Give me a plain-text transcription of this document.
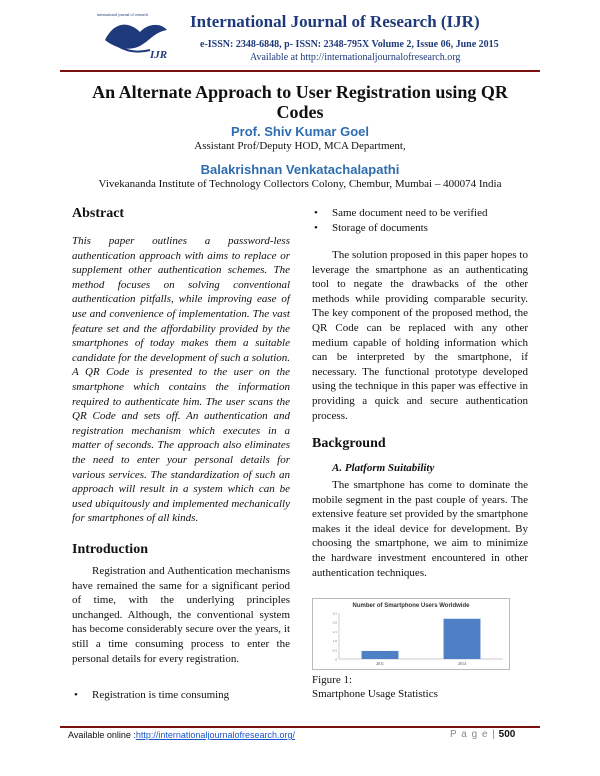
international journal of research
IJR
International Journal of Research (IJR)
e-ISSN: 2348-6848, p- ISSN: 2348-795X Volume 2, Issue 06, June 2015
Available at http://internationaljournalofresearch.org
An Alternate Approach to User Registration using QR
Codes
Prof. Shiv Kumar Goel
Assistant Prof/Deputy HOD, MCA Department,
Balakrishnan Venkatachalapathi
Vivekananda Institute of Technology Collectors Colony, Chembur, Mumbai – 400074 India
Abstract
This paper outlines a password-less authentication approach with aims to replace or supplement other authentication schemes. The method focuses on solving conventional authentication pitfalls, while improving ease of use and convenience of implementation. The vast feature set and the affordability provided by the smartphones of today makes them a suitable candidate for the development of such a solution. A QR Code is presented to the user on the smartphone which contains the information required to authenticate him. The user scans the QR Code and sets off. An authentication and registration mechanism which executes in a matter of seconds. The approach also eliminates the need to enter your personal details for various services. The standardization of such an approach will result in a system which can be used ubiquitously and implemented mechanically for smartphones of all kinds.
Introduction
Registration and Authentication mechanisms have remained the same for a significant period of time, with the underlying principles unchanged. Although, the conventional system has become considerably secure over the years, it still a time consuming process to enter the personal details for every registration.
• Registration is time consuming
• Same document need to be verified
• Storage of documents
The solution proposed in this paper hopes to leverage the smartphone as an authenticating tool to negate the drawbacks of the other methods while providing comparable security. The key component of the proposed method, the QR Code can be replaced with any other medium capable of holding information which can be interpreted by the smartphone, if necessary. The functional prototype developed using the technique in this paper was effective in providing a quick and secure authentication process.
Background
A. Platform Suitability
The smartphone has come to dominate the mobile segment in the past couple of years. The extensive feature set provided by the smartphone makes it the ideal device for development. By choosing the smartphone, we aim to minimize the hardware investment encountered in other authentication techniques.
Number of Smartphone Users Worldwide
2.5
2.0
1.5
1.0
0.5
0
2011	2014
Figure 1:
Smartphone Usage Statistics
Available online :http://internationaljournalofresearch.org/	P a g e | 500
